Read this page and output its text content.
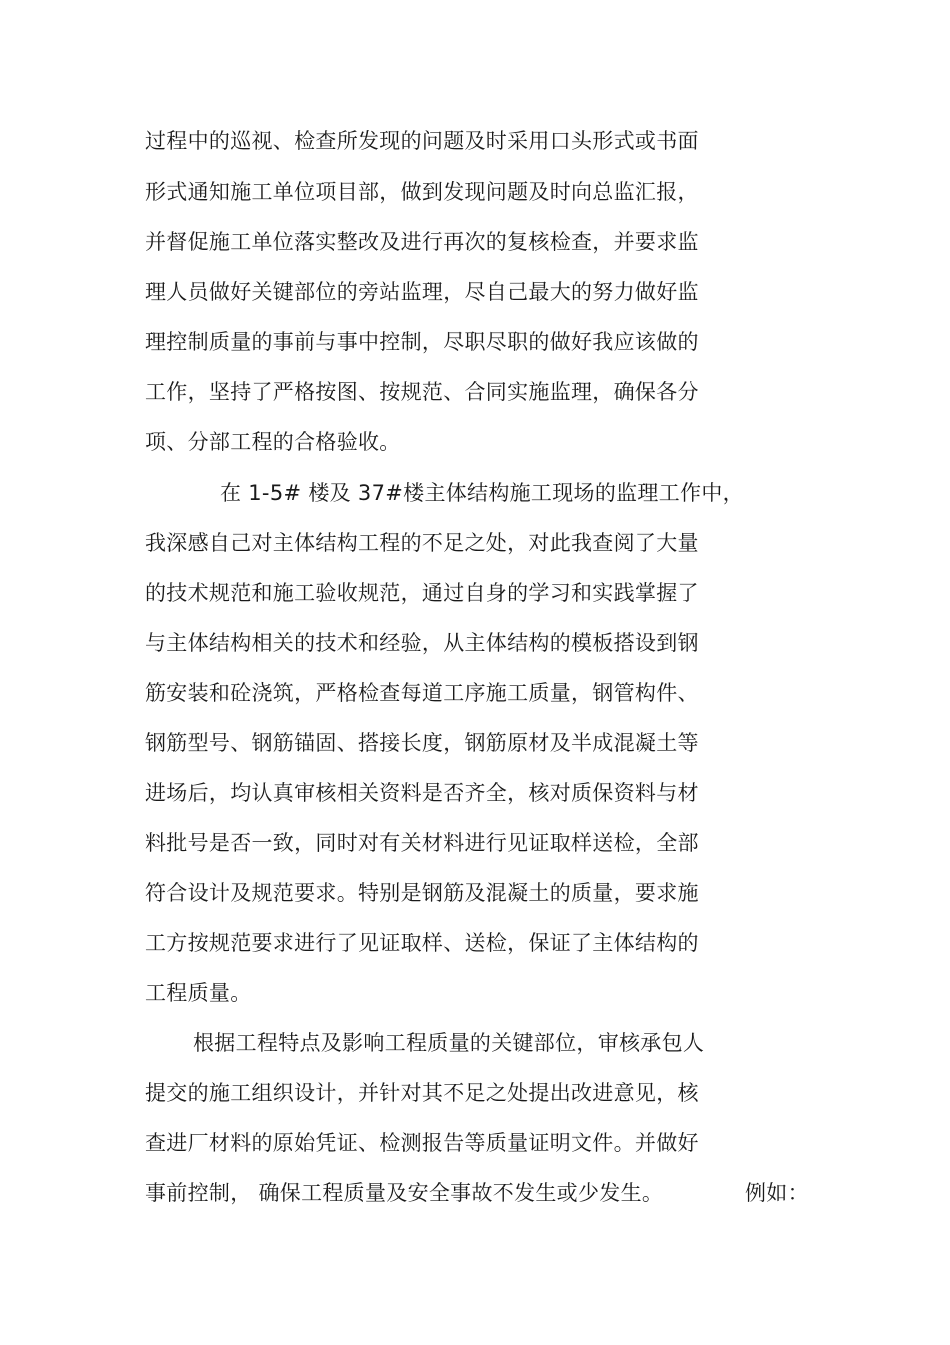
过程中的巡视、检查所发现的问题及时采用口头形式或书面
形式通知施工单位项目部，做到发现问题及时向总监汇报，
并督促施工单位落实整改及进行再次的复核检查，并要求监
理人员做好关键部位的旁站监理，尽自己最大的努力做好监
理控制质量的事前与事中控制，尽职尽职的做好我应该做的
工作，坚持了严格按图、按规范、合同实施监理，确保各分
项、分部工程的合格验收。
在 1-5# 楼及 37#楼主体结构施工现场的监理工作中，
我深感自己对主体结构工程的不足之处，对此我查阅了大量
的技术规范和施工验收规范，通过自身的学习和实践掌握了
与主体结构相关的技术和经验，从主体结构的模板搭设到钢
筋安装和砼浇筑，严格检查每道工序施工质量，钢管构件、
钢筋型号、钢筋锚固、搭接长度，钢筋原材及半成混凝土等
进场后，均认真审核相关资料是否齐全，核对质保资料与材
料批号是否一致，同时对有关材料进行见证取样送检，全部
符合设计及规范要求。特别是钢筋及混凝土的质量，要求施
工方按规范要求进行了见证取样、送检，保证了主体结构的
工程质量。
根据工程特点及影响工程质量的关键部位，审核承包人
提交的施工组织设计，并针对其不足之处提出改进意见，核
查进厂材料的原始凭证、检测报告等质量证明文件。并做好
事前控制， 确保工程质量及安全事故不发生或少发生。	例如：
